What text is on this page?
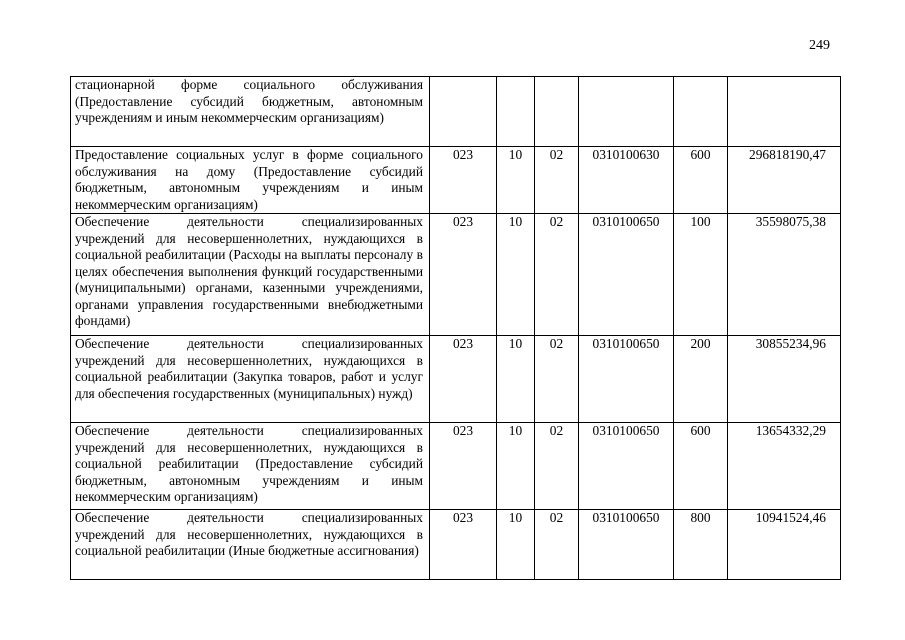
249
стационарной форме социального обслуживания (Предоставление субсидий бюджетным, автономным учреждениям и иным некоммерческим организациям)						
Предоставление социальных услуг в форме социального обслуживания на дому (Предоставление субсидий бюджетным, автономным учреждениям и иным некоммерческим организациям)	023	10	02	0310100630	600	296818190,47
Обеспечение деятельности специализированных учреждений для несовершеннолетних, нуждающихся в социальной реабилитации (Расходы на выплаты персоналу в целях обеспечения выполнения функций государственными (муниципальными) органами, казенными учреждениями, органами управления государственными внебюджетными фондами)	023	10	02	0310100650	100	35598075,38
Обеспечение деятельности специализированных учреждений для несовершеннолетних, нуждающихся в социальной реабилитации (Закупка товаров, работ и услуг для обеспечения государственных (муниципальных) нужд)	023	10	02	0310100650	200	30855234,96
Обеспечение деятельности специализированных учреждений для несовершеннолетних, нуждающихся в социальной реабилитации (Предоставление субсидий бюджетным, автономным учреждениям и иным некоммерческим организациям)	023	10	02	0310100650	600	13654332,29
Обеспечение деятельности специализированных учреждений для несовершеннолетних, нуждающихся в социальной реабилитации (Иные бюджетные ассигнования)	023	10	02	0310100650	800	10941524,46
